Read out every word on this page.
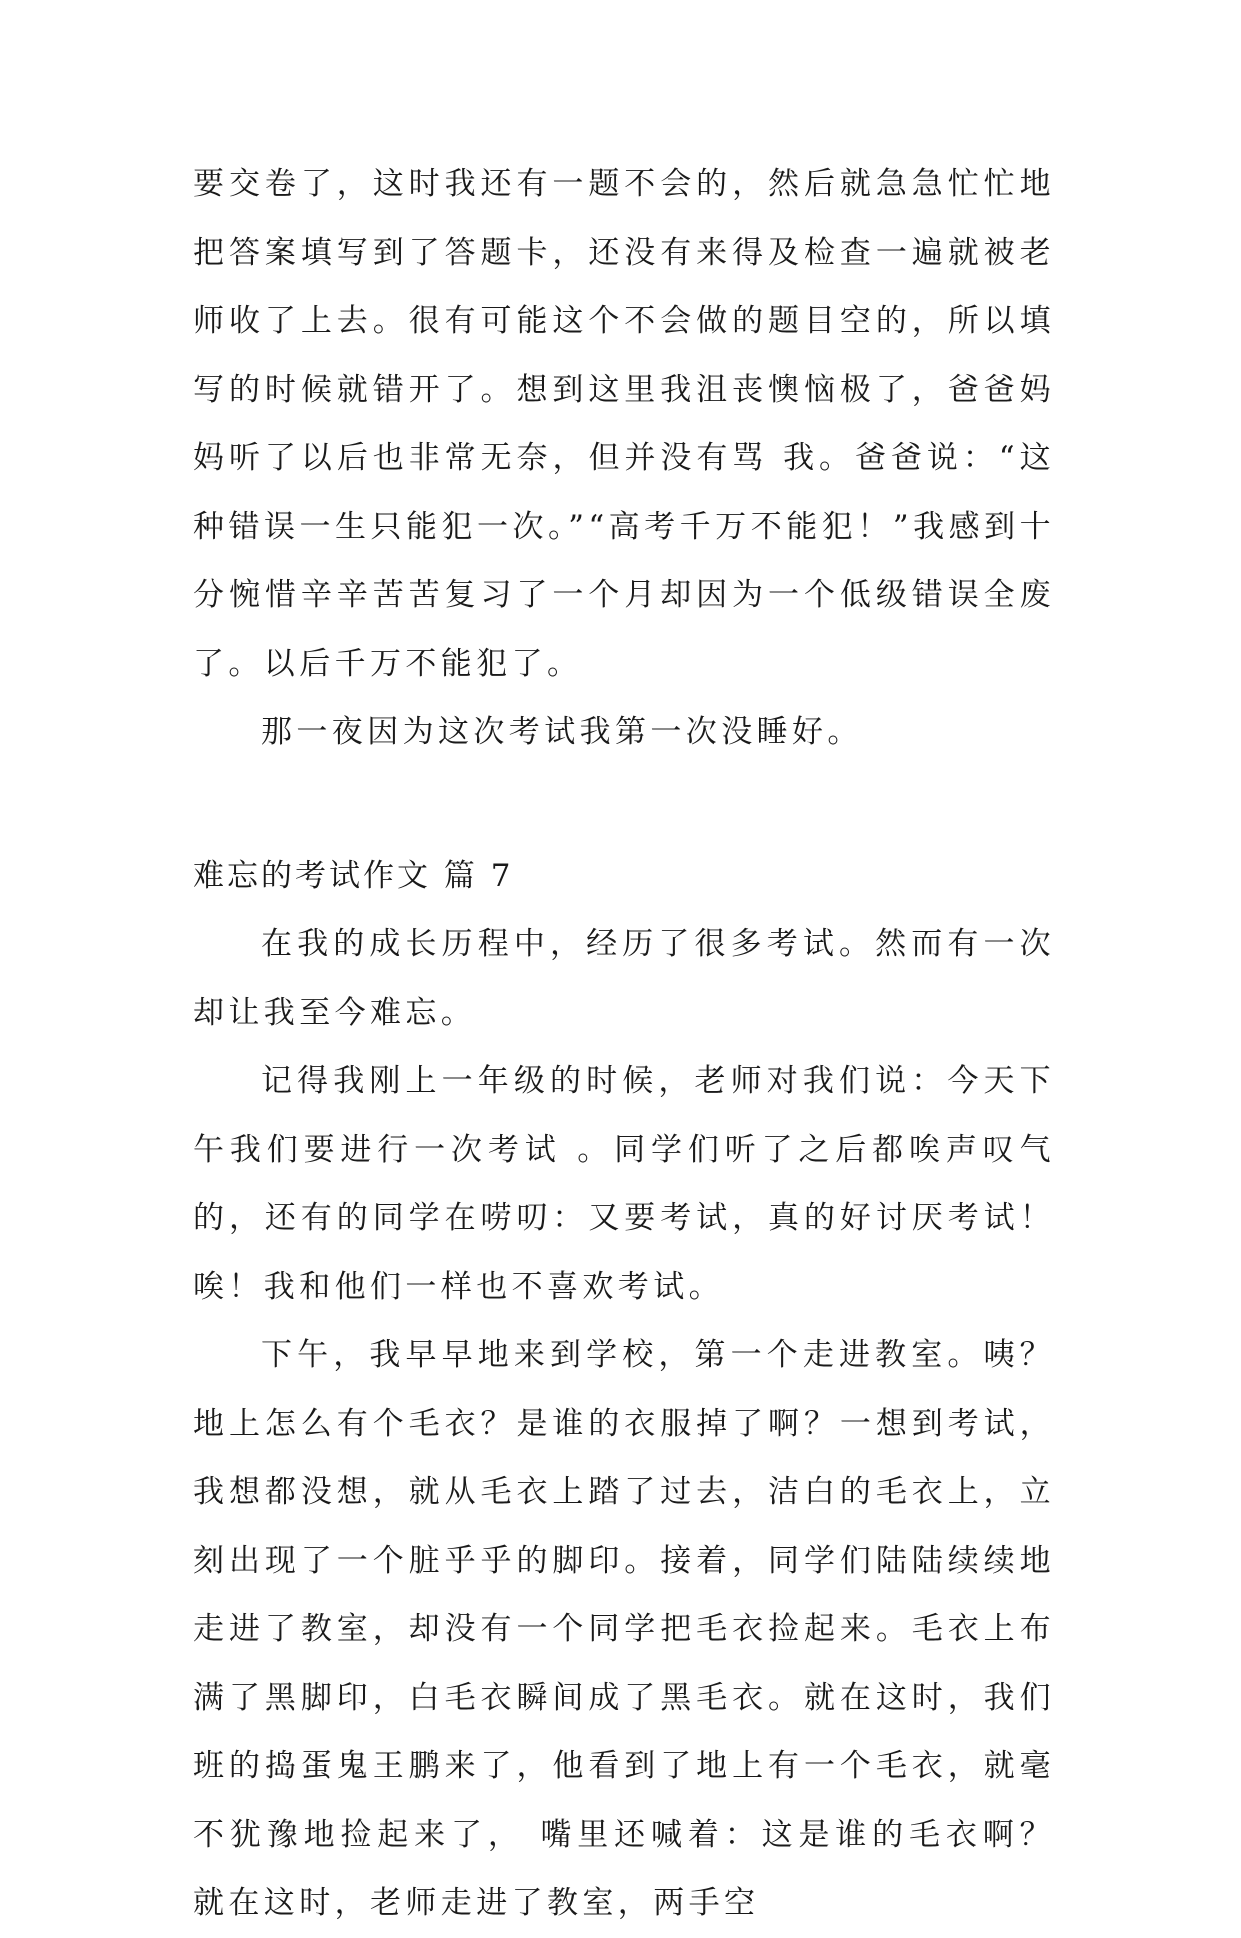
要交卷了，这时我还有一题不会的，然后就急急忙忙地 把答案填写到了答题卡，还没有来得及检查一遍就被老师收了上去。很有可能这个不会做的题目空的，所以填写的时候就错开了。想到这里我沮丧懊恼极了，爸爸妈妈听了以后也非常无奈，但并没有骂 我。爸爸说：“这种错误一生只能犯一次。”“高考千万不能犯！”我感到十分惋惜辛辛苦苦复习了一个月却因为一个低级错误全废了。以后千万不能犯了。

那一夜因为这次考试我第一次没睡好。

难忘的考试作文 篇 7

在我的成长历程中，经历了很多考试。然而有一次却让我至今难忘。

记得我刚上一年级的时候，老师对我们说：今天下午我们要进行一次考试 。同学们听了之后都唉声叹气的，还有的同学在唠叨：又要考试，真的好讨厌考试！唉！我和他们一样也不喜欢考试。

下午，我早早地来到学校，第一个走进教室。咦？地上怎么有个毛衣？是谁的衣服掉了啊？一想到考试，我想都没想，就从毛衣上踏了过去，洁白的毛衣上，立刻出现了一个脏乎乎的脚印。接着，同学们陆陆续续地走进了教室，却没有一个同学把毛衣捡起来。毛衣上布满了黑脚印，白毛衣瞬间成了黑毛衣。就在这时，我们班的捣蛋鬼王鹏来了，他看到了地上有一个毛衣，就毫不犹豫地捡起来了， 嘴里还喊着：这是谁的毛衣啊？就在这时，老师走进了教室，两手空
